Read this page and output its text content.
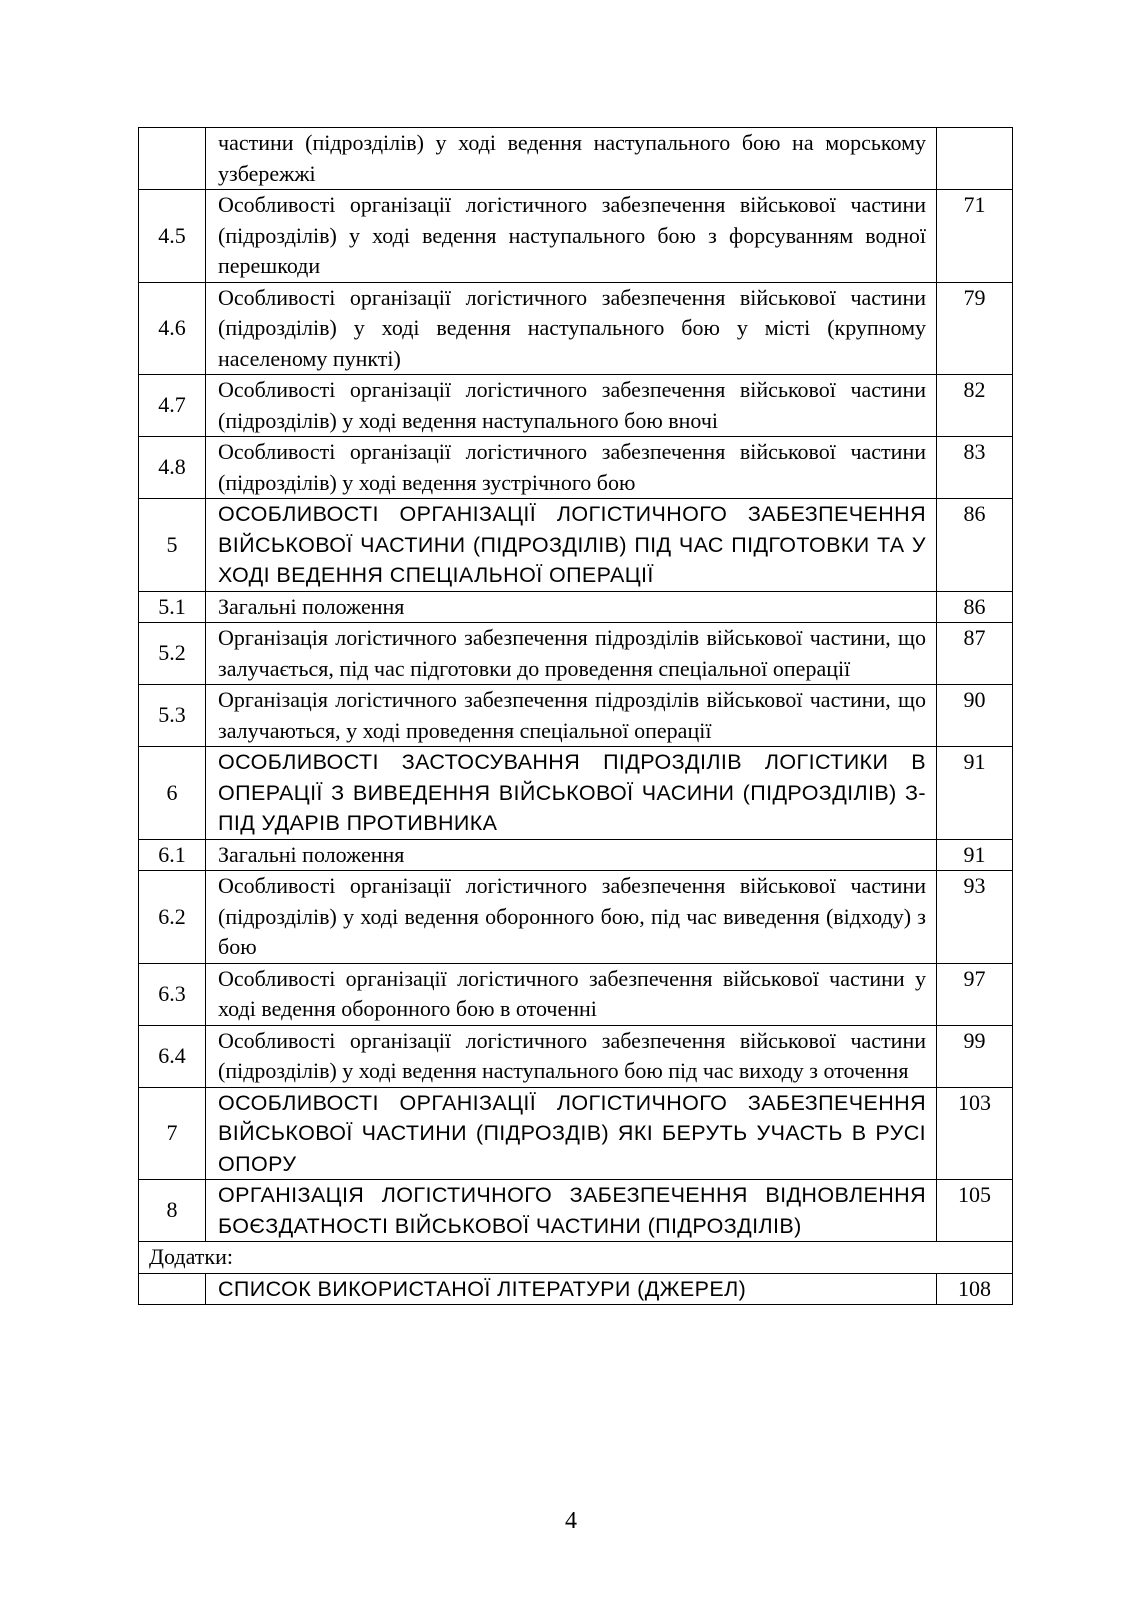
	частини (підрозділів) у ході ведення наступального бою на морському узбережжі	
4.5	Особливості організації логістичного забезпечення військової частини (підрозділів) у ході ведення наступального бою з форсуванням водної перешкоди	71
4.6	Особливості організації логістичного забезпечення військової частини (підрозділів) у ході ведення наступального бою у місті (крупному населеному пункті)	79
4.7	Особливості організації логістичного забезпечення військової частини (підрозділів) у ході ведення наступального бою вночі	82
4.8	Особливості організації логістичного забезпечення військової частини (підрозділів) у ході ведення зустрічного бою	83
5	ОСОБЛИВОСТІ ОРГАНІЗАЦІЇ ЛОГІСТИЧНОГО ЗАБЕЗПЕЧЕННЯ ВІЙСЬКОВОЇ ЧАСТИНИ (ПІДРОЗДІЛІВ) ПІД ЧАС ПІДГОТОВКИ ТА У ХОДІ ВЕДЕННЯ СПЕЦІАЛЬНОЇ ОПЕРАЦІЇ	86
5.1	Загальні положення	86
5.2	Організація логістичного забезпечення підрозділів військової частини, що залучається, під час підготовки до проведення спеціальної операції	87
5.3	Організація логістичного забезпечення підрозділів військової частини, що залучаються, у ході проведення спеціальної операції	90
6	ОСОБЛИВОСТІ ЗАСТОСУВАННЯ ПІДРОЗДІЛІВ ЛОГІСТИКИ В ОПЕРАЦІЇ З ВИВЕДЕННЯ ВІЙСЬКОВОЇ ЧАСИНИ (ПІДРОЗДІЛІВ) З-ПІД УДАРІВ ПРОТИВНИКА	91
6.1	Загальні положення	91
6.2	Особливості організації логістичного забезпечення військової частини (підрозділів) у ході ведення оборонного бою, під час виведення (відходу) з бою	93
6.3	Особливості організації логістичного забезпечення військової частини у ході ведення оборонного бою в оточенні	97
6.4	Особливості організації логістичного забезпечення військової частини (підрозділів) у ході ведення наступального бою під час виходу з оточення	99
7	ОСОБЛИВОСТІ ОРГАНІЗАЦІЇ ЛОГІСТИЧНОГО ЗАБЕЗПЕЧЕННЯ ВІЙСЬКОВОЇ ЧАСТИНИ (ПІДРОЗДІВ) ЯКІ БЕРУТЬ УЧАСТЬ В РУСІ ОПОРУ	103
8	ОРГАНІЗАЦІЯ ЛОГІСТИЧНОГО ЗАБЕЗПЕЧЕННЯ ВІДНОВЛЕННЯ БОЄЗДАТНОСТІ ВІЙСЬКОВОЇ ЧАСТИНИ (ПІДРОЗДІЛІВ)	105
Додатки:		
	СПИСОК ВИКОРИСТАНОЇ ЛІТЕРАТУРИ (ДЖЕРЕЛ)	108
4
